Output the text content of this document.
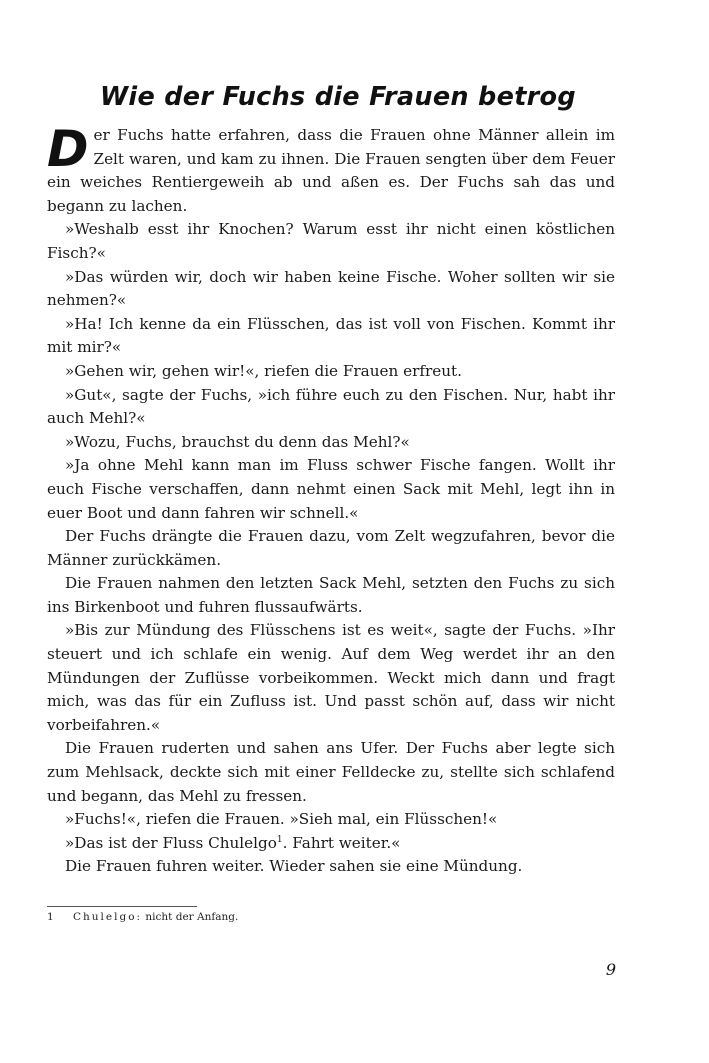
Wie der Fuchs die Frauen betrog

Der Fuchs hatte erfahren, dass die Frauen ohne Männer allein im Zelt waren, und kam zu ihnen. Die Frauen sengten über dem Feuer ein weiches Rentiergeweih ab und aßen es. Der Fuchs sah das und begann zu lachen.

»Weshalb esst ihr Knochen? Warum esst ihr nicht einen köstlichen Fisch?«

»Das würden wir, doch wir haben keine Fische. Woher sollten wir sie nehmen?«

»Ha! Ich kenne da ein Flüsschen, das ist voll von Fischen. Kommt ihr mit mir?«

»Gehen wir, gehen wir!«, riefen die Frauen erfreut.

»Gut«, sagte der Fuchs, »ich führe euch zu den Fischen. Nur, habt ihr auch Mehl?«

»Wozu, Fuchs, brauchst du denn das Mehl?«

»Ja ohne Mehl kann man im Fluss schwer Fische fangen. Wollt ihr euch Fische verschaffen, dann nehmt einen Sack mit Mehl, legt ihn in euer Boot und dann fahren wir schnell.«

Der Fuchs drängte die Frauen dazu, vom Zelt wegzufahren, bevor die Männer zurückkämen.

Die Frauen nahmen den letzten Sack Mehl, setzten den Fuchs zu sich ins Birkenboot und fuhren flussaufwärts.

»Bis zur Mündung des Flüsschens ist es weit«, sagte der Fuchs. »Ihr steuert und ich schlafe ein wenig. Auf dem Weg werdet ihr an den Mündungen der Zuflüsse vorbeikommen. Weckt mich dann und fragt mich, was das für ein Zufluss ist. Und passt schön auf, dass wir nicht vorbeifahren.«

Die Frauen ruderten und sahen ans Ufer. Der Fuchs aber legte sich zum Mehlsack, deckte sich mit einer Felldecke zu, stellte sich schlafend und begann, das Mehl zu fressen.

»Fuchs!«, riefen die Frauen. »Sieh mal, ein Flüsschen!«

»Das ist der Fluss Chulelgo$^1$. Fahrt weiter.«

Die Frauen fuhren weiter. Wieder sahen sie eine Mündung.

1 Chulelgo: nicht der Anfang.
9
